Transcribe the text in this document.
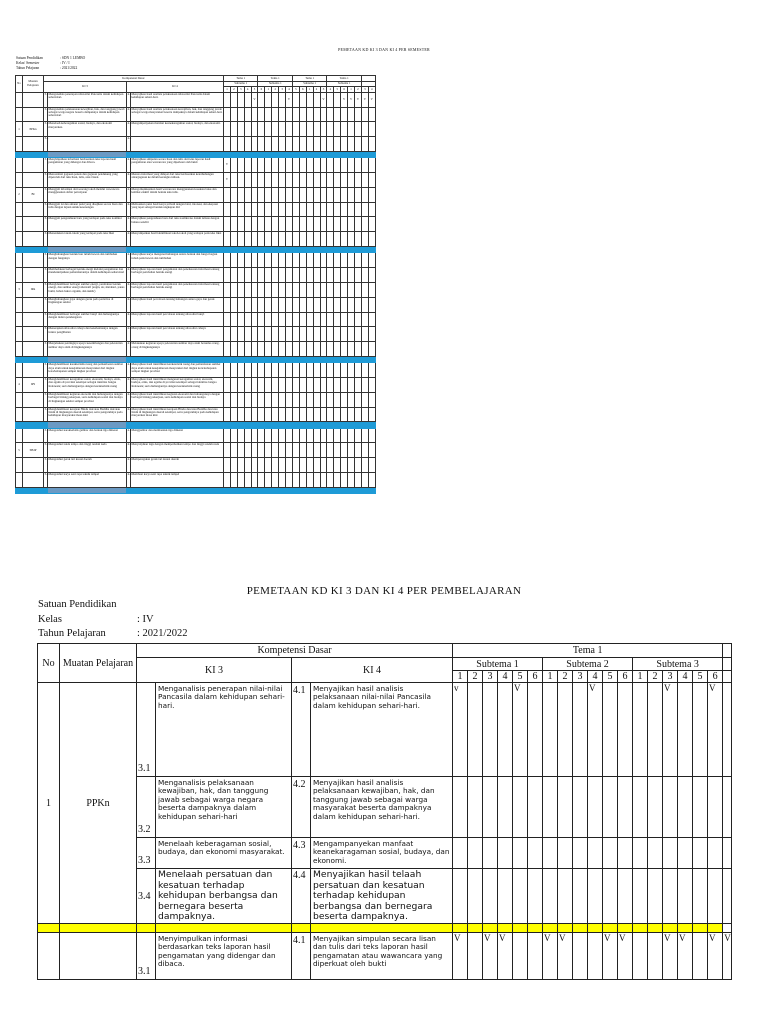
PEMETAAN KD KI 3 DAN KI 4 PER SEMESTER
Satuan Pendidikan	: SDN 1 LEMBO
Kelas/ Semester	: IV / I
Tahun Pelajaran	: 2021/2022
No	Muatan Pelajaran	Kompetensi Dasar				Tema 1					Tema 1					Tema 1					Tema 1						
		KI 3		KI 4		Subtema 1					Subtema 1					Subtema 1					Subtema 1						
						1	2	3	4	5	6	1	2	3	4	5	6	1	2	3	4	5	6	1	2	3	4
		3.1	Menganalisis penerapan nilai-nilai Pancasila dalam kehidupan sehari-hari.	4.1	Menyajikan hasil analisis pelaksanaan nilai-nilai Pancasila dalam kehidupan sehari-hari.					V					V					V			V	V	V	V	V
		3.2	Menganalisis pelaksanaan kewajiban, hak, dan tanggung jawab sebagai warga negara beserta dampaknya dalam kehidupan sehari-hari	4.2	Menyajikan hasil analisis pelaksanaan kewajiban, hak, dan tanggung jawab sebagai warga masyarakat beserta dampaknya dalam kehidupan sehari-hari.																						
1	PPKn	3.3	Menelaah keberagaman sosial, budaya, dan ekonomi masyarakat.	4.3	Mengampanyekan manfaat keanekaragaman sosial, budaya, dan ekonomi.																						
		3.4		4.4																							

		3.1	Menyimpulkan informasi berdasarkan teks laporan hasil pengamatan yang didengar dan dibaca.	4.1	Menyajikan simpulan secara lisan dan tulis dari teks laporan hasil pengamatan atau wawancara yang diperkuat oleh bukti	V																					
		3.2	Mencermati gagasan pokok dan gagasan pendukung yang diperoleh dari teks lisan, tulis, atau visual.	4.2	Menata informasi yang didapat dari teks berdasarkan keterhubungan antargagasan ke dalam kerangka tulisan.	V																					
2	BI	3.3	Menggali informasi dari seorang tokoh melalui wawancara menggunakan daftar pertanyaan	4.3	Mengomunikasikan hasil wawancara menggunakan kosakata baku dan kalimat efektif dalam bentuk teks tulis.																						
		3.4	Menggali isi dan amanat puisi yang disajikan secara lisan dan tulis dengan tujuan untuk kesenangan	4.4	Melisankan puisi hasil karya pribadi dengan lafal, intonasi, dan ekspresi yang tepat sebagai bentuk ungkapan diri																						
		3.5	Menggali pengetahuan baru yang terdapat pada teks nonfiksi	4.5	Menyajikan pengetahuan baru dari teks nonfiksi ke dalam tulisan dengan bahasa sendiri																						
		3.6	Menentukan tokoh-tokoh yang terdapat pada teks fiksi	4.6	Menyampaikan hasil identifikasi tokoh-tokoh yang terdapat pada teks fiksi																						

		3.1	Menghubungkan bentuk luar tubuh hewan dan tumbuhan dengan fungsinya	4.1	Menyajikan karya mengenai hubungan antara bentuk dan fungsi bagian tubuh pada hewan dan tumbuhan																						
		3.2	Membedakan berbagai bentuk energi melalui pengamatan dan mendeskripsikan pemanfaatannya dalam kehidupan sehari-hari	4.2	Menyajikan laporan hasil pengamatan dan penelusuran informasi tentang berbagai perubahan bentuk energi																						
3	IPA	3.3	Mengidentifikasi berbagai sumber energi, perubahan bentuk energi, dan sumber energi alternatif (angin, air, matahari, panas bumi, bahan bakar organik, dan nuklir)	4.3	Menyajikan laporan hasil pengamatan dan penelusuran informasi tentang berbagai perubahan bentuk energi																						
		3.4	Menghubungkan gaya dengan gerak pada peristiwa di lingkungan sekitar	4.4	Menyajikan hasil percobaan tentang hubungan antara gaya dan gerak																						
		3.5	Mengidentifikasi berbagai sumber bunyi dan hubungannya dengan indera pendengaran	4.5	Menyajikan laporan hasil percobaan tentang sifat-sifat bunyi																						
		3.6	Menerapkan sifat-sifat cahaya dan keterkaitannya dengan indera penglihatan	4.6	Menyajikan laporan hasil percobaan tentang sifat-sifat cahaya																						
		3.7	Menjelaskan pentingnya upaya keseimbangan dan pelestarian sumber daya alam di lingkungannya	4.7	Melakukan kegiatan upaya pelestarian sumber daya alam bersama orang-orang di lingkungannya																						

		3.1	Mengidentifikasi karakteristik ruang dan pemanfaatan sumber daya alam untuk kesejahteraan masyarakat dari tingkat kota/kabupaten sampai tingkat provinsi	4.1	Menyajikan hasil identifikasi karakteristik ruang dan pemanfaatan sumber daya alam untuk kesejahteraan masyarakat dari tingkat kota/kabupaten sampai tingkat provinsi																						
4	IPS	3.2	Mengidentifikasi keragaman sosial, ekonomi, budaya, etnis, dan agama di provinsi setempat sebagai identitas bangsa Indonesia; serta hubungannya dengan karakteristik ruang	4.2	Menyajikan hasil identifikasi mengenai keragaman sosial, ekonomi, budaya, etnis, dan agama di provinsi setempat sebagai identitas bangsa Indonesia; serta hubungannya dengan karakteristik ruang																						
		3.3	Mengidentifikasi kegiatan ekonomi dan hubungannya dengan berbagai bidang pekerjaan, serta kehidupan sosial dan budaya di lingkungan sekitar sampai provinsi	4.3	Menyajikan hasil identifikasi kegiatan ekonomi dan hubungannya dengan berbagai bidang pekerjaan, serta kehidupan sosial dan budaya																						
		3.4	Mengidentifikasi kerajaan Hindu dan/atau Buddha dan/atau Islam di lingkungan daerah setempat, serta pengaruhnya pada kehidupan masyarakat masa kini	4.4	Menyajikan hasil identifikasi kerajaan Hindu dan/atau Buddha dan/atau Islam di lingkungan daerah setempat, serta pengaruhnya pada kehidupan masyarakat masa kini																						

		3.1	Mengetahui karakteristik gambar dan bentuk tiga dimensi	4.1	Menggambar dan membentuk tiga dimensi																						
5	SBdP	3.2	Mengetahui tanda tempo dan tinggi rendah nada	4.2	Menyanyikan lagu dengan memperhatikan tempo dan tinggi rendah nada																						
		3.3	Mengetahui gerak tari kreasi daerah	4.3	Memperagakan gerak tari kreasi daerah																						
		3.4	Mengetahui karya seni rupa teknik tempel	4.4	Membuat karya seni rupa teknik tempel																						

PEMETAAN KD KI 3 DAN KI 4 PER PEMBELAJARAN
Satuan Pendidikan
Kelas	: IV
Tahun Pelajaran	: 2021/2022
No	Muatan Pelajaran	Kompetensi Dasar				Tema 1																		
		KI 3		KI 4		Subtema 1						Subtema 2						Subtema 3						
						1	2	3	4	5	6	1	2	3	4	5	6	1	2	3	4	5	6	
1	PPKn	3.1	Menganalisis penerapan nilai-nilai Pancasila dalam kehidupan sehari-hari.	4.1	Menyajikan hasil analisis pelaksanaan nilai-nilai Pancasila dalam kehidupan sehari-hari.	v				V					V					V			V	
		3.2	Menganalisis pelaksanaan kewajiban, hak, dan tanggung jawab sebagai warga negara beserta dampaknya dalam kehidupan sehari-hari	4.2	Menyajikan hasil analisis pelaksanaan kewajiban, hak, dan tanggung jawab sebagai warga masyarakat beserta dampaknya dalam kehidupan sehari-hari.																			
		3.3	Menelaah keberagaman sosial, budaya, dan ekonomi masyarakat.	4.3	Mengampanyekan manfaat keanekaragaman sosial, budaya, dan ekonomi.																			
		3.4	Menelaah persatuan dan kesatuan terhadap kehidupan berbangsa dan bernegara beserta dampaknya.	4.4	Menyajikan hasil telaah persatuan dan kesatuan terhadap kehidupan berbangsa dan bernegara beserta dampaknya.																			

		3.1	Menyimpulkan informasi berdasarkan teks laporan hasil pengamatan yang didengar dan dibaca.	4.1	Menyajikan simpulan secara lisan dan tulis dari teks laporan hasil pengamatan atau wawancara yang diperkuat oleh bukti	V		V	V			V	V			V	V			V	V		V	V
